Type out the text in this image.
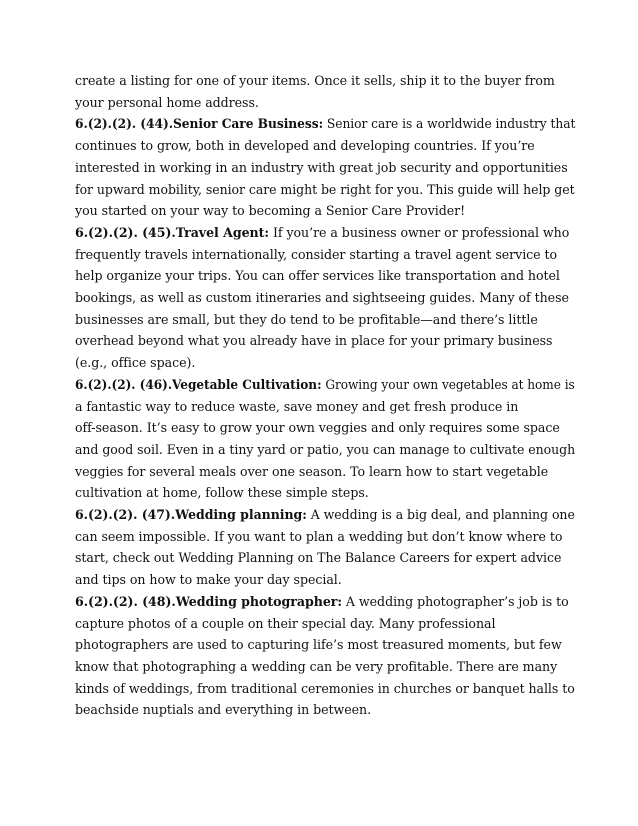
create a listing for one of your items. Once it sells, ship it to the buyer from
your personal home address.
6.(2).(2). (44).Senior Care Business: Senior care is a worldwide industry that
continues to grow, both in developed and developing countries. If you’re
interested in working in an industry with great job security and opportunities
for upward mobility, senior care might be right for you. This guide will help get
you started on your way to becoming a Senior Care Provider!
6.(2).(2). (45).Travel Agent: If you’re a business owner or professional who
frequently travels internationally, consider starting a travel agent service to
help organize your trips. You can offer services like transportation and hotel
bookings, as well as custom itineraries and sightseeing guides. Many of these
businesses are small, but they do tend to be profitable—and there’s little
overhead beyond what you already have in place for your primary business
(e.g., office space).
6.(2).(2). (46).Vegetable Cultivation: Growing your own vegetables at home is
a fantastic way to reduce waste, save money and get fresh produce in
off-season. It’s easy to grow your own veggies and only requires some space
and good soil. Even in a tiny yard or patio, you can manage to cultivate enough
veggies for several meals over one season. To learn how to start vegetable
cultivation at home, follow these simple steps.
6.(2).(2). (47).Wedding planning: A wedding is a big deal, and planning one
can seem impossible. If you want to plan a wedding but don’t know where to
start, check out Wedding Planning on The Balance Careers for expert advice
and tips on how to make your day special.
6.(2).(2). (48).Wedding photographer: A wedding photographer’s job is to
capture photos of a couple on their special day. Many professional
photographers are used to capturing life’s most treasured moments, but few
know that photographing a wedding can be very profitable. There are many
kinds of weddings, from traditional ceremonies in churches or banquet halls to
beachside nuptials and everything in between.
